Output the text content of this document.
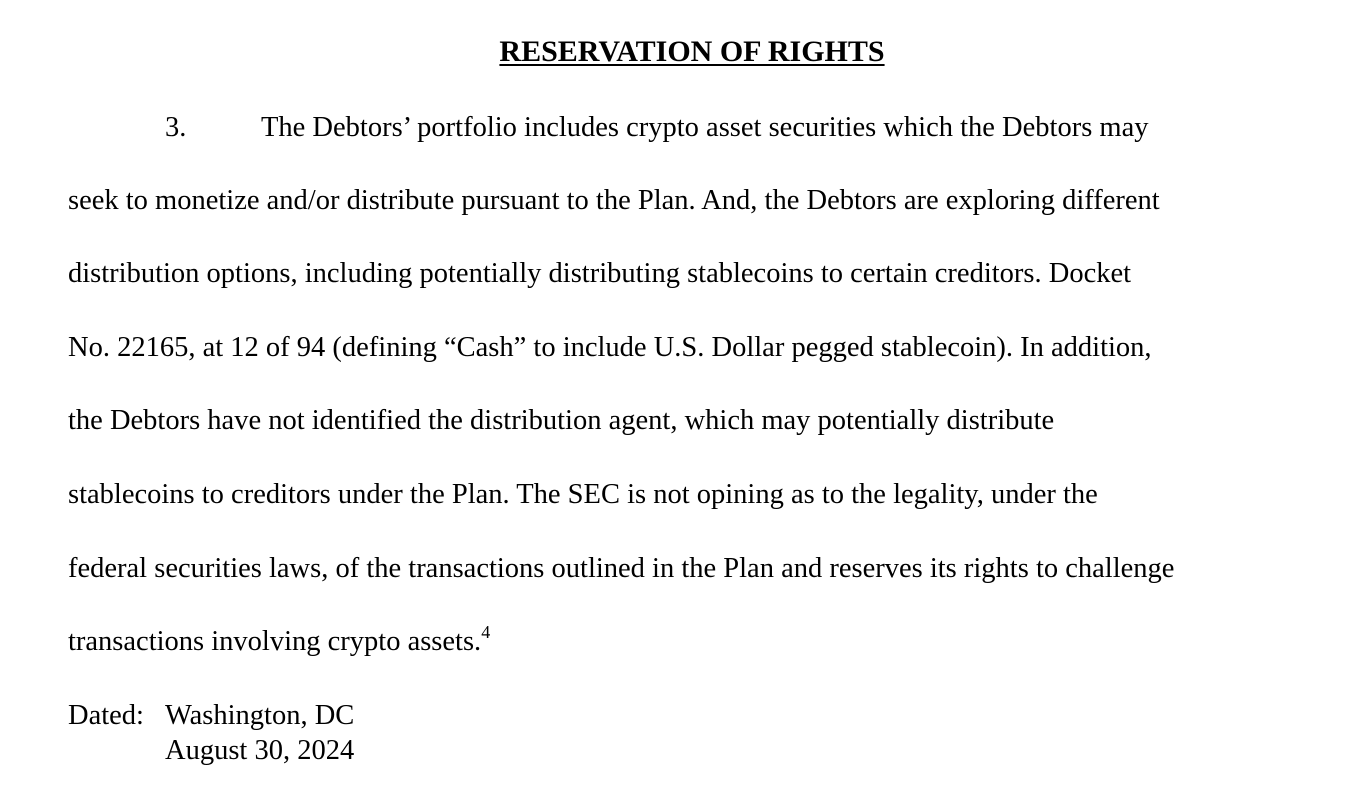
RESERVATION OF RIGHTS
3.	The Debtors’ portfolio includes crypto asset securities which the Debtors may
seek to monetize and/or distribute pursuant to the Plan. And, the Debtors are exploring different
distribution options, including potentially distributing stablecoins to certain creditors. Docket
No. 22165, at 12 of 94 (defining “Cash” to include U.S. Dollar pegged stablecoin). In addition,
the Debtors have not identified the distribution agent, which may potentially distribute
stablecoins to creditors under the Plan. The SEC is not opining as to the legality, under the
federal securities laws, of the transactions outlined in the Plan and reserves its rights to challenge
transactions involving crypto assets.$^4$
Dated: Washington, DC
August 30, 2024
